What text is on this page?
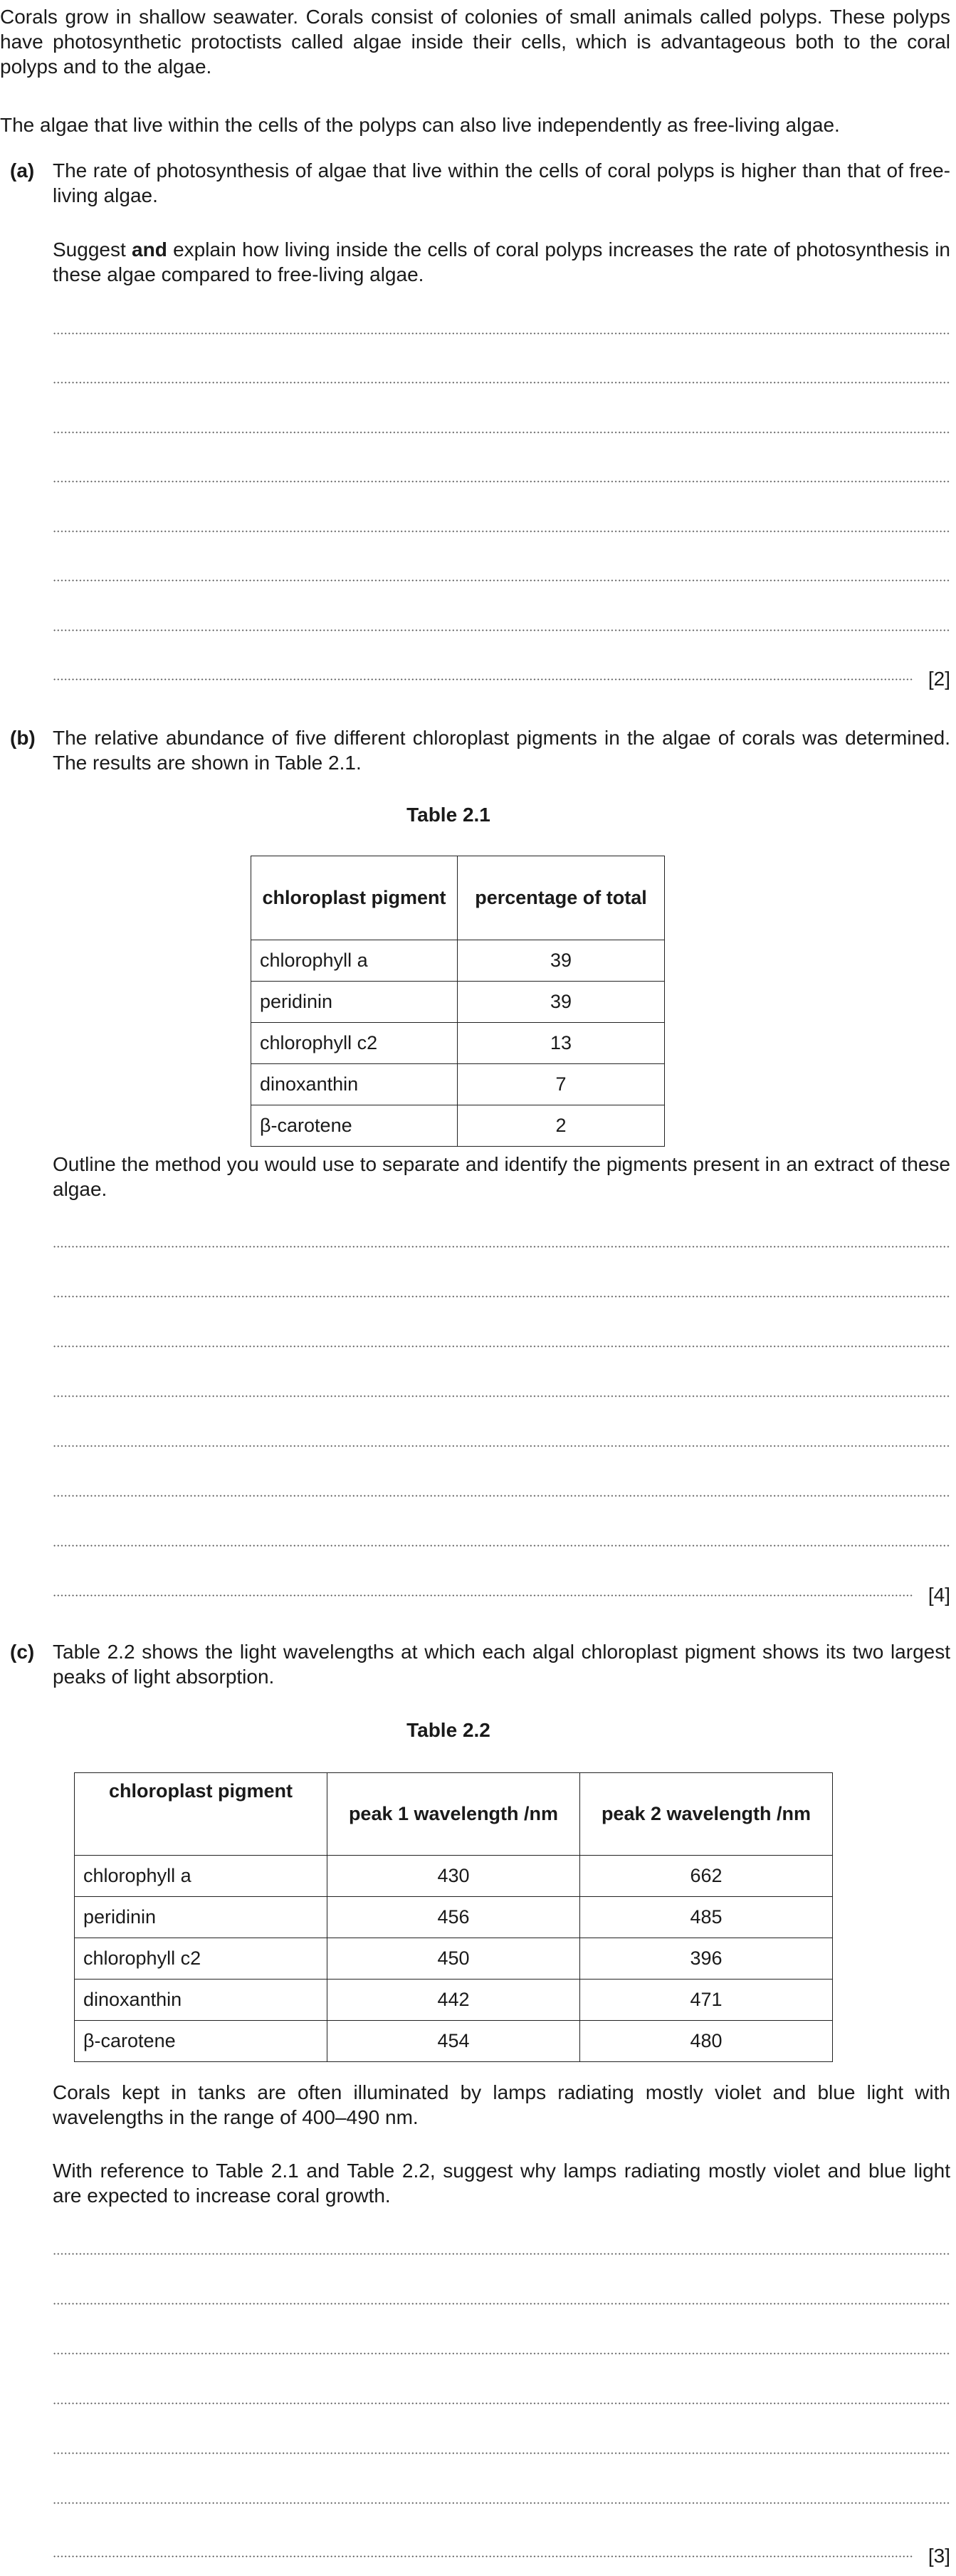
Corals grow in shallow seawater. Corals consist of colonies of small animals called polyps. These polyps have photosynthetic protoctists called algae inside their cells, which is advantageous both to the coral polyps and to the algae.

The algae that live within the cells of the polyps can also live independently as free-living algae.

(a) The rate of photosynthesis of algae that live within the cells of coral polyps is higher than that of free-living algae.

Suggest and explain how living inside the cells of coral polyps increases the rate of photosynthesis in these algae compared to free-living algae.

[2]
(b) The relative abundance of five different chloroplast pigments in the algae of corals was determined. The results are shown in Table 2.1.

Table 2.1
chloroplast pigment	percentage of total
chlorophyll a	39
peridinin	39
chlorophyll c2	13
dinoxanthin	7
β-carotene	2

Outline the method you would use to separate and identify the pigments present in an extract of these algae.

[4]
(c) Table 2.2 shows the light wavelengths at which each algal chloroplast pigment shows its two largest peaks of light absorption.

Table 2.2
chloroplast pigment	peak 1 wavelength /nm	peak 2 wavelength /nm
chlorophyll a	430	662
peridinin	456	485
chlorophyll c2	450	396
dinoxanthin	442	471
β-carotene	454	480

Corals kept in tanks are often illuminated by lamps radiating mostly violet and blue light with wavelengths in the range of 400–490 nm.

With reference to Table 2.1 and Table 2.2, suggest why lamps radiating mostly violet and blue light are expected to increase coral growth.

[3]
